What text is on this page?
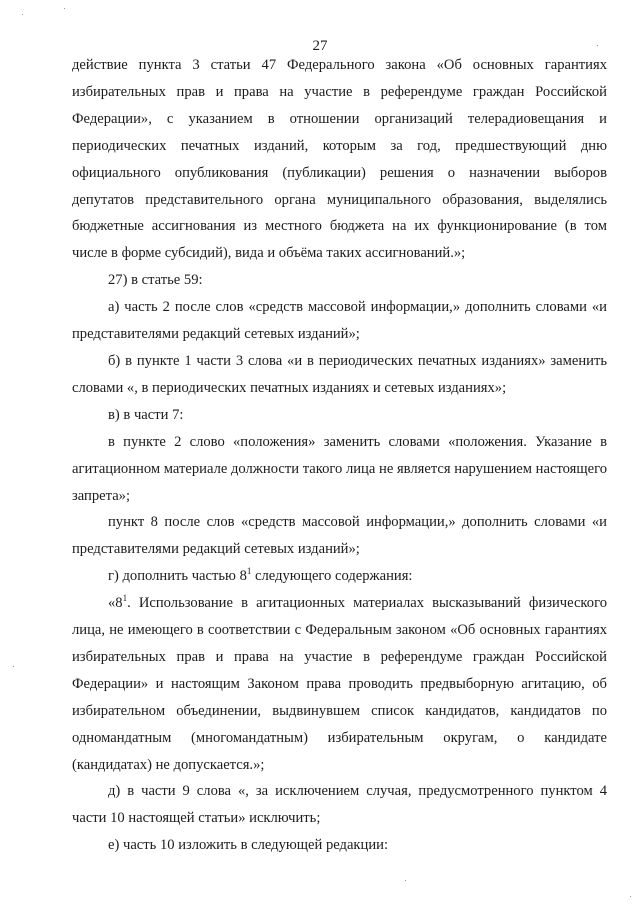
27

действие пункта 3 статьи 47 Федерального закона «Об основных гарантиях избирательных прав и права на участие в референдуме граждан Российской Федерации», с указанием в отношении организаций телерадиовещания и периодических печатных изданий, которым за год, предшествующий дню официального опубликования (публикации) решения о назначении выборов депутатов представительного органа муниципального образования, выделялись бюджетные ассигнования из местного бюджета на их функционирование (в том числе в форме субсидий), вида и объёма таких ассигнований.»;

27) в статье 59:

а) часть 2 после слов «средств массовой информации,» дополнить словами «и представителями редакций сетевых изданий»;

б) в пункте 1 части 3 слова «и в периодических печатных изданиях» заменить словами «, в периодических печатных изданиях и сетевых изданиях»;

в) в части 7:

в пункте 2 слово «положения» заменить словами «положения. Указание в агитационном материале должности такого лица не является нарушением настоящего запрета»;

пункт 8 после слов «средств массовой информации,» дополнить словами «и представителями редакций сетевых изданий»;

г) дополнить частью $8^1$ следующего содержания:

«$8^1$. Использование в агитационных материалах высказываний физического лица, не имеющего в соответствии с Федеральным законом «Об основных гарантиях избирательных прав и права на участие в референдуме граждан Российской Федерации» и настоящим Законом права проводить предвыборную агитацию, об избирательном объединении, выдвинувшем список кандидатов, кандидатов по одномандатным (многомандатным) избирательным округам, о кандидате (кандидатах) не допускается.»;

д) в части 9 слова «, за исключением случая, предусмотренного пунктом 4 части 10 настоящей статьи» исключить;

е) часть 10 изложить в следующей редакции:
